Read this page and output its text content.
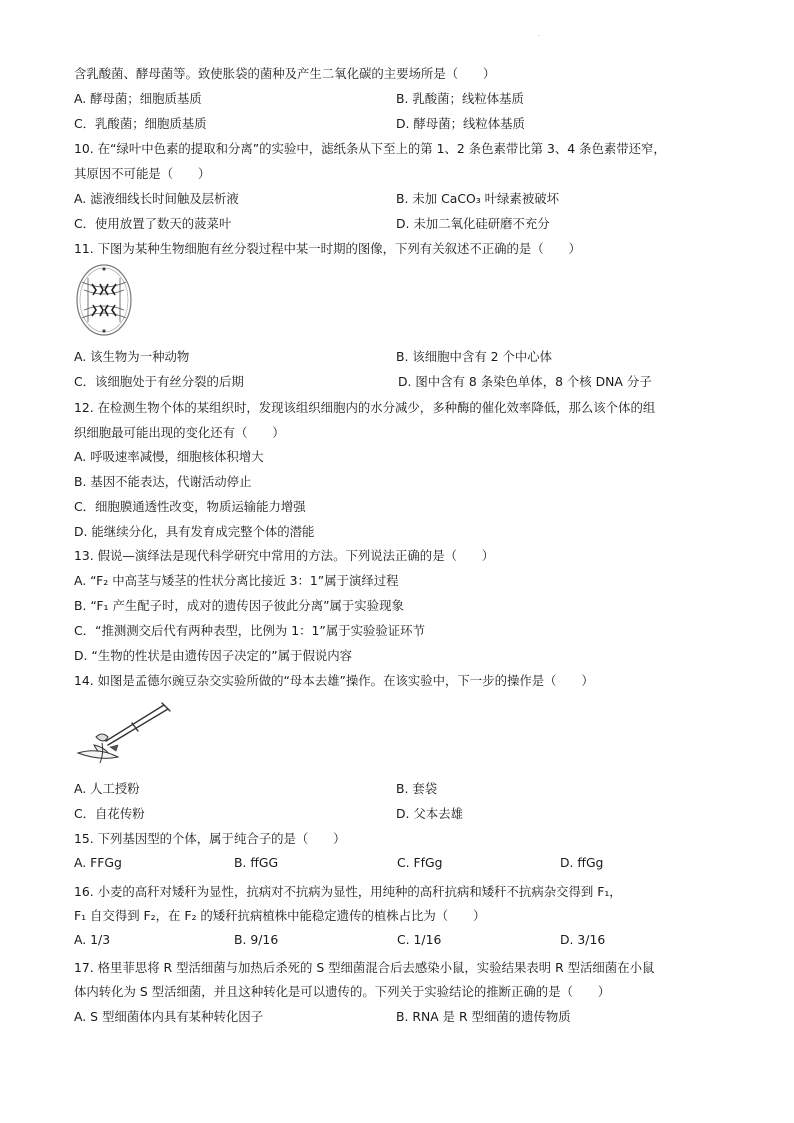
.
含乳酸菌、酵母菌等。致使胀袋的菌种及产生二氧化碳的主要场所是（　　）
A. 酵母菌；细胞质基质	B. 乳酸菌；线粒体基质
C．乳酸菌；细胞质基质	D. 酵母菌；线粒体基质
10. 在“绿叶中色素的提取和分离”的实验中，滤纸条从下至上的第 1、2 条色素带比第 3、4 条色素带还窄，
其原因不可能是（　　）
A. 滤液细线长时间触及层析液	B. 未加 CaCO₃ 叶绿素被破坏
C．使用放置了数天的菠菜叶	D. 未加二氧化硅研磨不充分
11. 下图为某种生物细胞有丝分裂过程中某一时期的图像，下列有关叙述不正确的是（　　）
A. 该生物为一种动物	B. 该细胞中含有 2 个中心体
C．该细胞处于有丝分裂的后期	D. 图中含有 8 条染色单体，8 个核 DNA 分子
12. 在检测生物个体的某组织时，发现该组织细胞内的水分减少，多种酶的催化效率降低，那么该个体的组
织细胞最可能出现的变化还有（　　）
A. 呼吸速率减慢，细胞核体积增大
B. 基因不能表达，代谢活动停止
C．细胞膜通透性改变，物质运输能力增强
D. 能继续分化，具有发育成完整个体的潜能
13. 假说—演绎法是现代科学研究中常用的方法。下列说法正确的是（　　）
A. “F₂ 中高茎与矮茎的性状分离比接近 3：1”属于演绎过程
B. “F₁ 产生配子时，成对的遗传因子彼此分离”属于实验现象
C．“推测测交后代有两种表型，比例为 1：1”属于实验验证环节
D. “生物的性状是由遗传因子决定的”属于假说内容
14. 如图是孟德尔豌豆杂交实验所做的“母本去雄”操作。在该实验中，下一步的操作是（　　）
A. 人工授粉	B. 套袋
C．自花传粉	D. 父本去雄
15. 下列基因型的个体，属于纯合子的是（　　）
A. FFGg	B. ffGG	C. FfGg	D. ffGg
16. 小麦的高秆对矮秆为显性，抗病对不抗病为显性，用纯种的高秆抗病和矮秆不抗病杂交得到 F₁，
F₁ 自交得到 F₂，在 F₂ 的矮秆抗病植株中能稳定遗传的植株占比为（　　）
A. 1/3	B. 9/16	C. 1/16	D. 3/16
17. 格里菲思将 R 型活细菌与加热后杀死的 S 型细菌混合后去感染小鼠，实验结果表明 R 型活细菌在小鼠
体内转化为 S 型活细菌，并且这种转化是可以遗传的。下列关于实验结论的推断正确的是（　　）
A. S 型细菌体内具有某种转化因子	B. RNA 是 R 型细菌的遗传物质
